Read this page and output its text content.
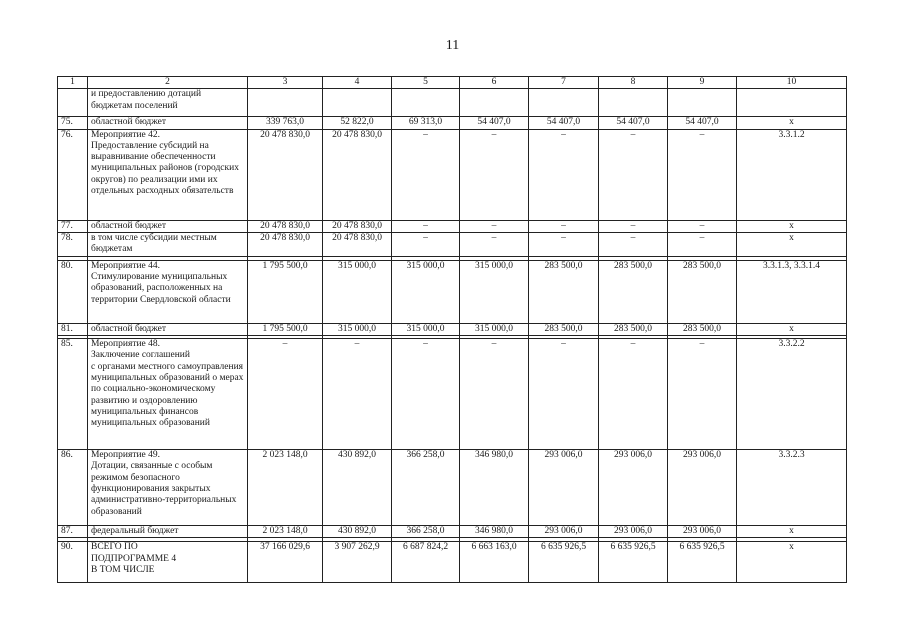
11
1	2	3	4	5	6	7	8	9	10
	и предоставлению дотаций бюджетам поселений								
75.	областной бюджет	339 763,0	52 822,0	69 313,0	54 407,0	54 407,0	54 407,0	54 407,0	х
76.	Мероприятие 42.
Предоставление субсидий на выравнивание обеспеченности муниципальных районов (городских округов) по реализации ими их отдельных расходных обязательств	20 478 830,0	20 478 830,0	–	–	–	–	–	3.3.1.2
77.	областной бюджет	20 478 830,0	20 478 830,0	–	–	–	–	–	х
78.	в том числе субсидии местным бюджетам	20 478 830,0	20 478 830,0	–	–	–	–	–	х

80.	Мероприятие 44.
Стимулирование муниципальных образований, расположенных на территории Свердловской области	1 795 500,0	315 000,0	315 000,0	315 000,0	283 500,0	283 500,0	283 500,0	3.3.1.3, 3.3.1.4
81.	областной бюджет	1 795 500,0	315 000,0	315 000,0	315 000,0	283 500,0	283 500,0	283 500,0	х

85.	Мероприятие 48.
Заключение соглашений
с органами местного самоуправления муниципальных образований о мерах
по социально-экономическому развитию и оздоровлению муниципальных финансов муниципальных образований	–	–	–	–	–	–	–	3.3.2.2
86.	Мероприятие 49.
Дотации, связанные с особым режимом безопасного функционирования закрытых административно-территориальных образований	2 023 148,0	430 892,0	366 258,0	346 980,0	293 006,0	293 006,0	293 006,0	3.3.2.3
87.	федеральный бюджет	2 023 148,0	430 892,0	366 258,0	346 980,0	293 006,0	293 006,0	293 006,0	х

90.	ВСЕГО ПО
ПОДПРОГРАММЕ 4
В ТОМ ЧИСЛЕ	37 166 029,6	3 907 262,9	6 687 824,2	6 663 163,0	6 635 926,5	6 635 926,5	6 635 926,5	х
